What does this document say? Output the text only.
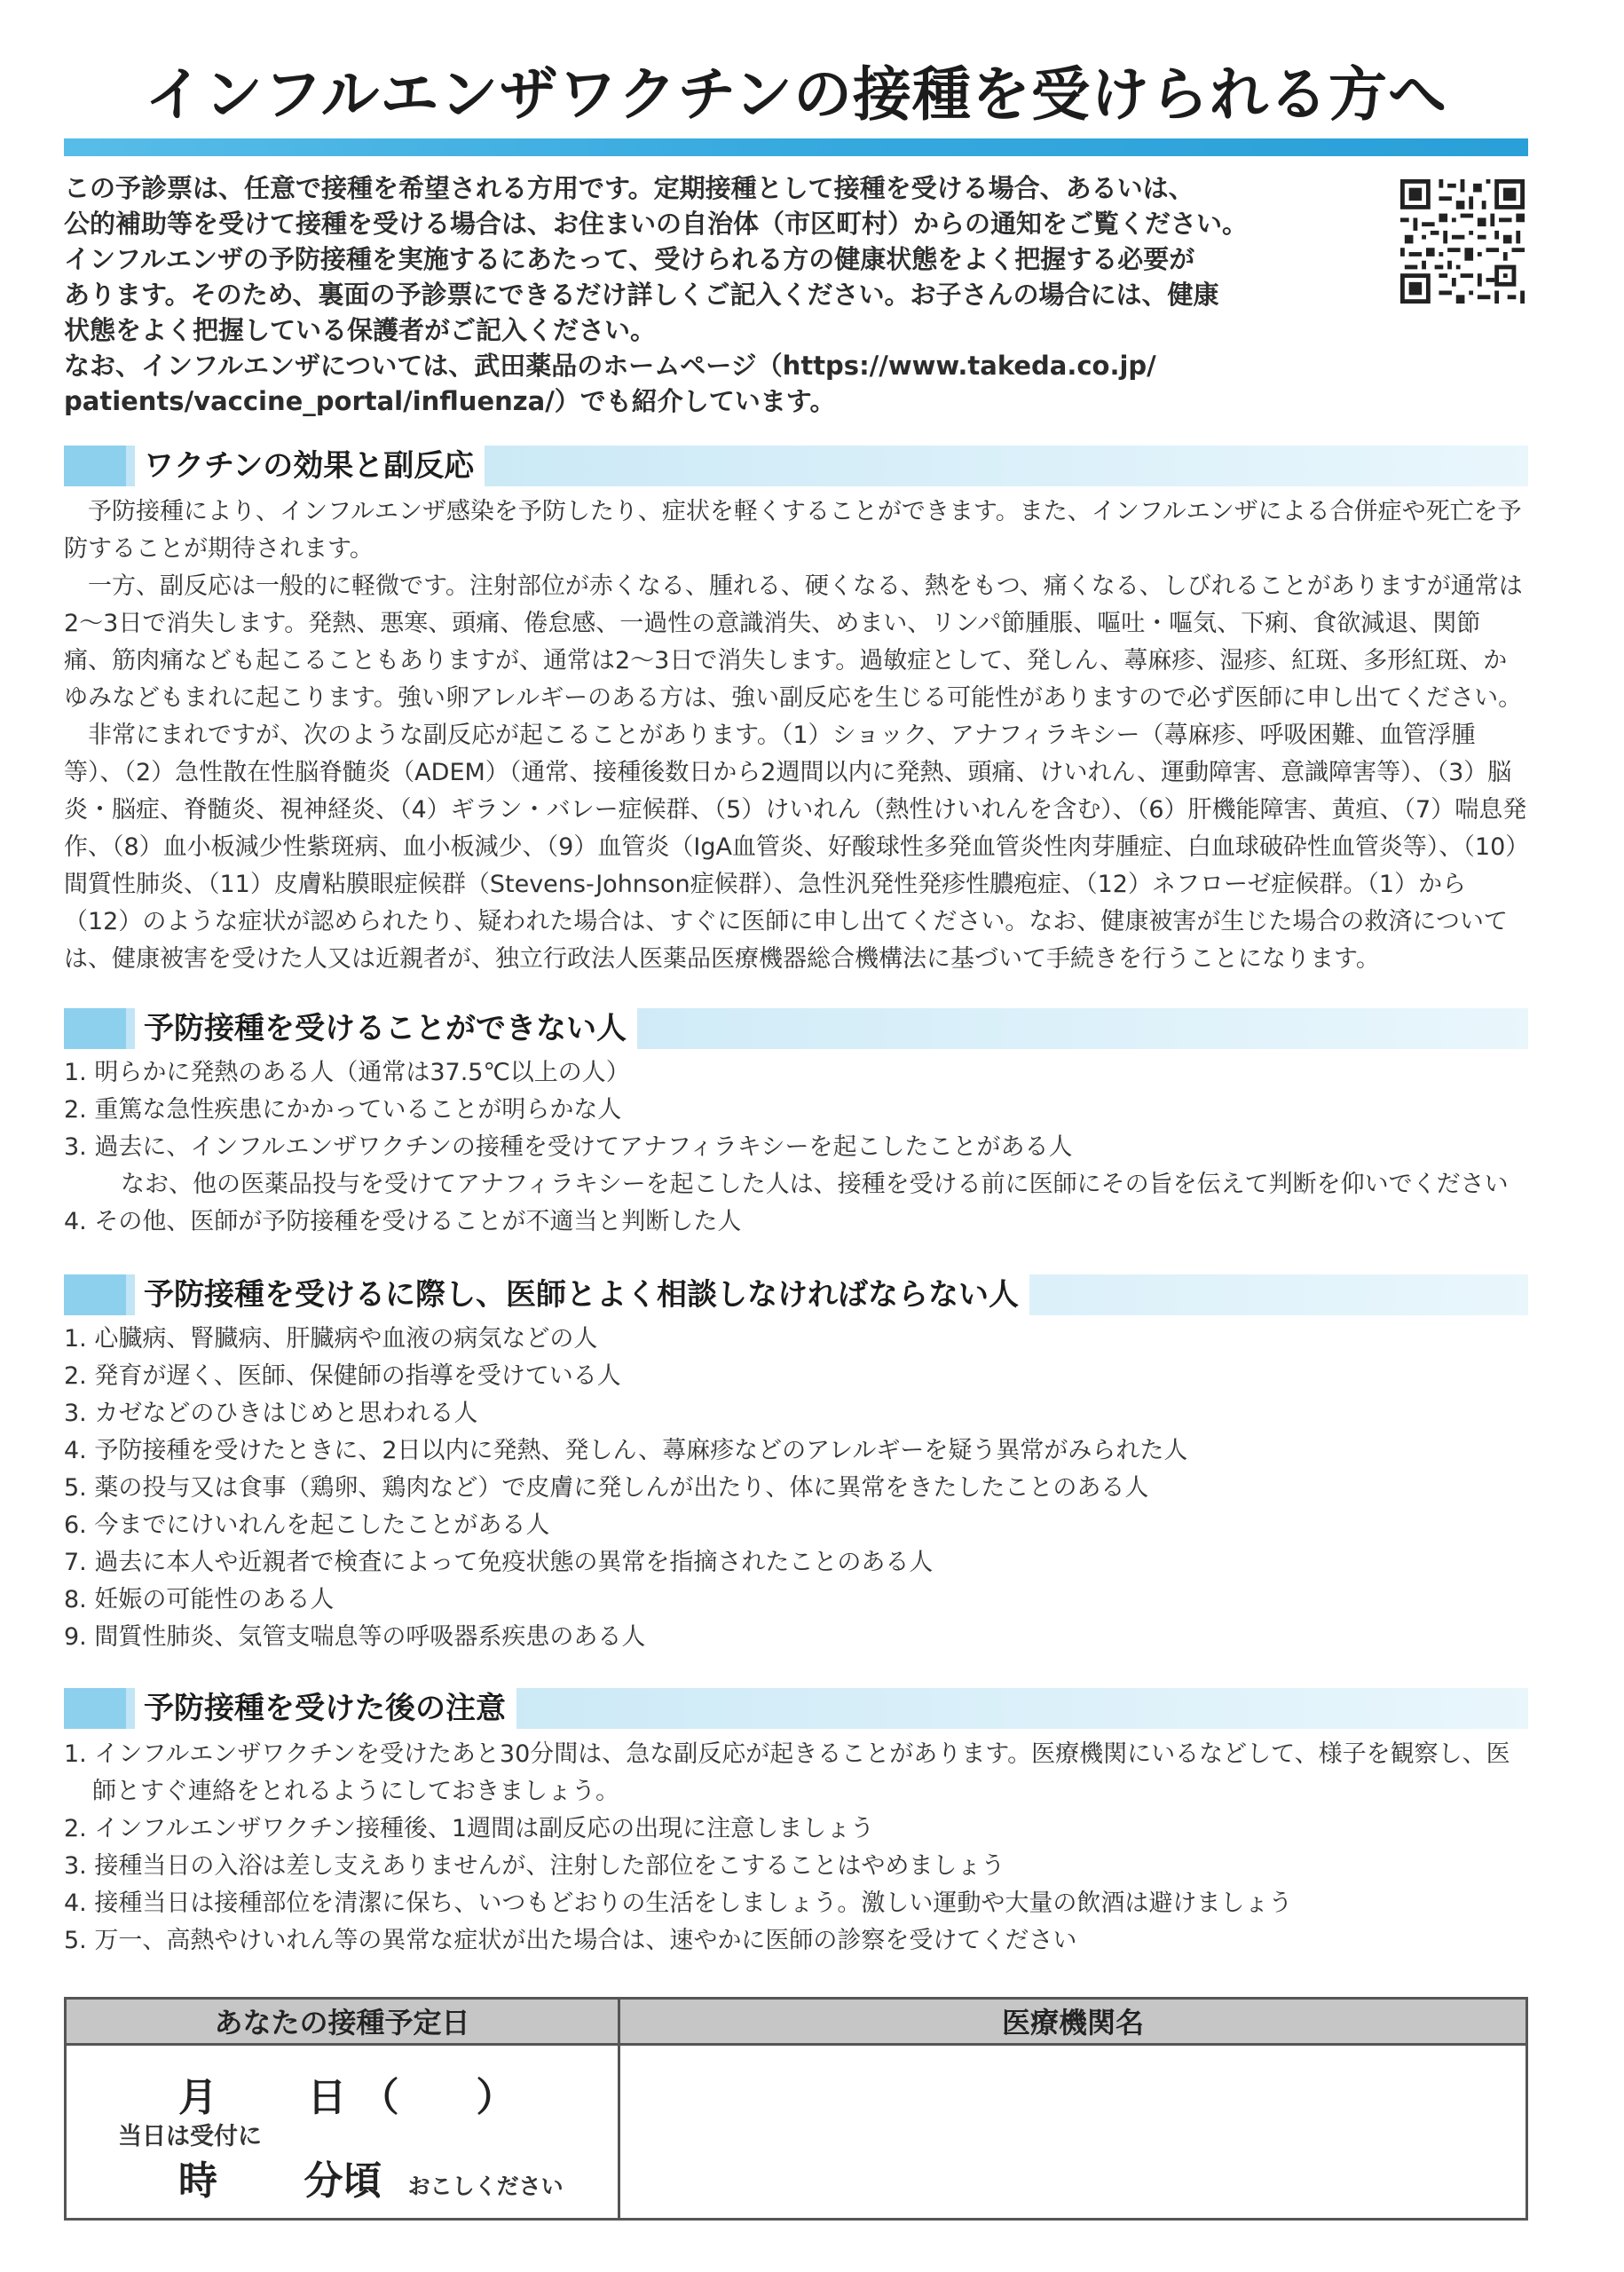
インフルエンザワクチンの接種を受けられる方へ

この予診票は、任意で接種を希望される方用です。定期接種として接種を受ける場合、あるいは、

公的補助等を受けて接種を受ける場合は、お住まいの自治体（市区町村）からの通知をご覧ください。

インフルエンザの予防接種を実施するにあたって、受けられる方の健康状態をよく把握する必要が

あります。そのため、裏面の予診票にできるだけ詳しくご記入ください。お子さんの場合には、健康

状態をよく把握している保護者がご記入ください。

なお、インフルエンザについては、武田薬品のホームページ（https://www.takeda.co.jp/

patients/vaccine_portal/influenza/）でも紹介しています。

ワクチンの効果と副反応

予防接種により、インフルエンザ感染を予防したり、症状を軽くすることができます。また、インフルエンザによる合併症や死亡を予防することが期待されます。

一方、副反応は一般的に軽微です。注射部位が赤くなる、腫れる、硬くなる、熱をもつ、痛くなる、しびれることがありますが通常は2〜3日で消失します。発熱、悪寒、頭痛、倦怠感、一過性の意識消失、めまい、リンパ節腫脹、嘔吐・嘔気、下痢、食欲減退、関節痛、筋肉痛なども起こることもありますが、通常は2〜3日で消失します。過敏症として、発しん、蕁麻疹、湿疹、紅斑、多形紅斑、かゆみなどもまれに起こります。強い卵アレルギーのある方は、強い副反応を生じる可能性がありますので必ず医師に申し出てください。

非常にまれですが、次のような副反応が起こることがあります。（1）ショック、アナフィラキシー（蕁麻疹、呼吸困難、血管浮腫等）、（2）急性散在性脳脊髄炎（ADEM）（通常、接種後数日から2週間以内に発熱、頭痛、けいれん、運動障害、意識障害等）、（3）脳炎・脳症、脊髄炎、視神経炎、（4）ギラン・バレー症候群、（5）けいれん（熱性けいれんを含む）、（6）肝機能障害、黄疸、（7）喘息発作、（8）血小板減少性紫斑病、血小板減少、（9）血管炎（IgA血管炎、好酸球性多発血管炎性肉芽腫症、白血球破砕性血管炎等）、（10）間質性肺炎、（11）皮膚粘膜眼症候群（Stevens-Johnson症候群）、急性汎発性発疹性膿疱症、（12）ネフローゼ症候群。（1）から（12）のような症状が認められたり、疑われた場合は、すぐに医師に申し出てください。なお、健康被害が生じた場合の救済については、健康被害を受けた人又は近親者が、独立行政法人医薬品医療機器総合機構法に基づいて手続きを行うことになります。

予防接種を受けることができない人
1. 明らかに発熱のある人（通常は37.5℃以上の人）
2. 重篤な急性疾患にかかっていることが明らかな人
3. 過去に、インフルエンザワクチンの接種を受けてアナフィラキシーを起こしたことがある人
なお、他の医薬品投与を受けてアナフィラキシーを起こした人は、接種を受ける前に医師にその旨を伝えて判断を仰いでください
4. その他、医師が予防接種を受けることが不適当と判断した人
予防接種を受けるに際し、医師とよく相談しなければならない人
1. 心臓病、腎臓病、肝臓病や血液の病気などの人
2. 発育が遅く、医師、保健師の指導を受けている人
3. カゼなどのひきはじめと思われる人
4. 予防接種を受けたときに、2日以内に発熱、発しん、蕁麻疹などのアレルギーを疑う異常がみられた人
5. 薬の投与又は食事（鶏卵、鶏肉など）で皮膚に発しんが出たり、体に異常をきたしたことのある人
6. 今までにけいれんを起こしたことがある人
7. 過去に本人や近親者で検査によって免疫状態の異常を指摘されたことのある人
8. 妊娠の可能性のある人
9. 間質性肺炎、気管支喘息等の呼吸器系疾患のある人
予防接種を受けた後の注意
1. インフルエンザワクチンを受けたあと30分間は、急な副反応が起きることがあります。医療機関にいるなどして、様子を観察し、医師とすぐ連絡をとれるようにしておきましょう。
2. インフルエンザワクチン接種後、1週間は副反応の出現に注意しましょう
3. 接種当日の入浴は差し支えありませんが、注射した部位をこすることはやめましょう
4. 接種当日は接種部位を清潔に保ち、いつもどおりの生活をしましょう。激しい運動や大量の飲酒は避けましょう
5. 万一、高熱やけいれん等の異常な症状が出た場合は、速やかに医師の診察を受けてください
あなたの接種予定日
月 日 （ ）
当日は受付に
時 分頃 おこしください
医療機関名
